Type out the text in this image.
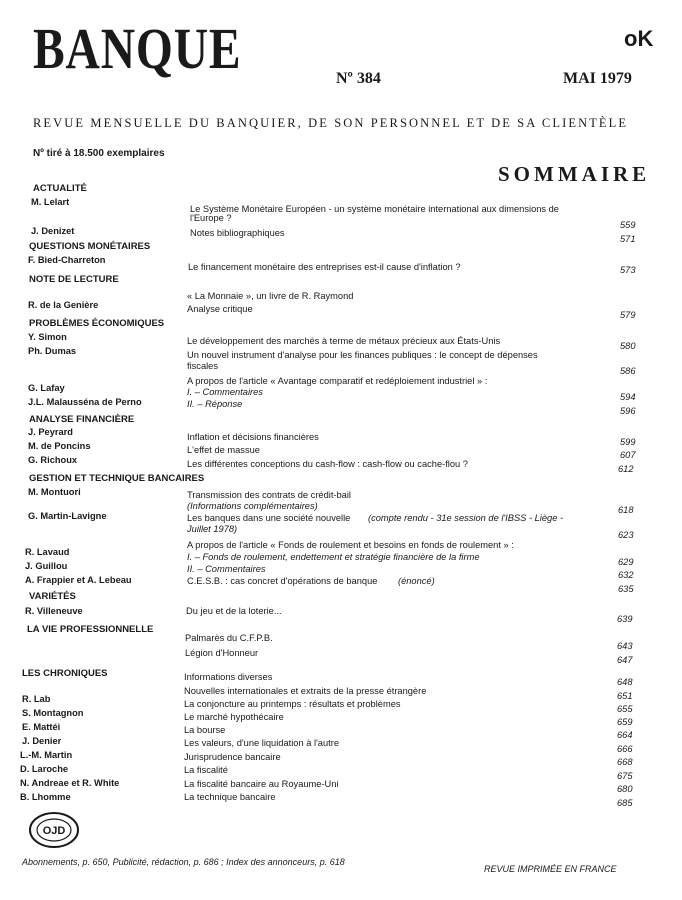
BANQUE	oK
Nº 384	MAI 1979
REVUE MENSUELLE DU BANQUIER, DE SON PERSONNEL ET DE SA CLIENTÈLE
Nº tiré à 18.500 exemplaires
SOMMAIRE
ACTUALITÉ
QUESTIONS MONÉTAIRES
NOTE DE LECTURE
PROBLÈMES ÉCONOMIQUES
ANALYSE FINANCIÈRE
GESTION ET TECHNIQUE BANCAIRES
VARIÉTÉS
LA VIE PROFESSIONNELLE
LES CHRONIQUES
M. Lelart
J. Denizet
F. Bied-Charreton
R. de la Genière
Y. Simon
Ph. Dumas
G. Lafay
J.L. Malausséna de Perno
J. Peyrard
M. de Poncins
G. Richoux
M. Montuori
G. Martin-Lavigne
R. Lavaud
J. Guillou
A. Frappier et A. Lebeau
R. Villeneuve
R. Lab
S. Montagnon
E. Mattéi
J. Denier
L.-M. Martin
D. Laroche
N. Andreae et R. White
B. Lhomme
Le Système Monétaire Européen - un système monétaire international aux dimensions de
l'Europe ?
Notes bibliographiques
Le financement monétaire des entreprises est-il cause d'inflation ?
« La Monnaie », un livre de R. Raymond
Analyse critique
Le développement des marchés à terme de métaux précieux aux États-Unis
Un nouvel instrument d'analyse pour les finances publiques : le concept de dépenses
fiscales
A propos de l'article « Avantage comparatif et redéploiement industriel » :
I. – Commentaires
II. – Réponse
Inflation et décisions financières
L'effet de massue
Les différentes conceptions du cash-flow : cash-flow ou cache-flou ?
Transmission des contrats de crédit-bail
(Informations complémentaires)
Les banques dans une société nouvelle (compte rendu - 31e session de l'IBSS - Liège -
Juillet 1978)
A propos de l'article « Fonds de roulement et besoins en fonds de roulement » :
I. – Fonds de roulement, endettement et stratégie financière de la firme
II. – Commentaires
C.E.S.B. : cas concret d'opérations de banque (énoncé)
Du jeu et de la loterie...
Palmarès du C.F.P.B.
Légion d'Honneur
Informations diverses
Nouvelles internationales et extraits de la presse étrangère
La conjoncture au printemps : résultats et problèmes
Le marché hypothécaire
La bourse
Les valeurs, d'une liquidation à l'autre
Jurisprudence bancaire
La fiscalité
La fiscalité bancaire au Royaume-Uni
La technique bancaire
559
571
573
579
580
586
594
596
599
607
612
618
623
629
632
635
639
643
647
648
651
655
659
664
666
668
675
680
685
OJD
Abonnements, p. 650, Publicité, rédaction, p. 686 ; Index des annonceurs, p. 618
REVUE IMPRIMÉE EN FRANCE
